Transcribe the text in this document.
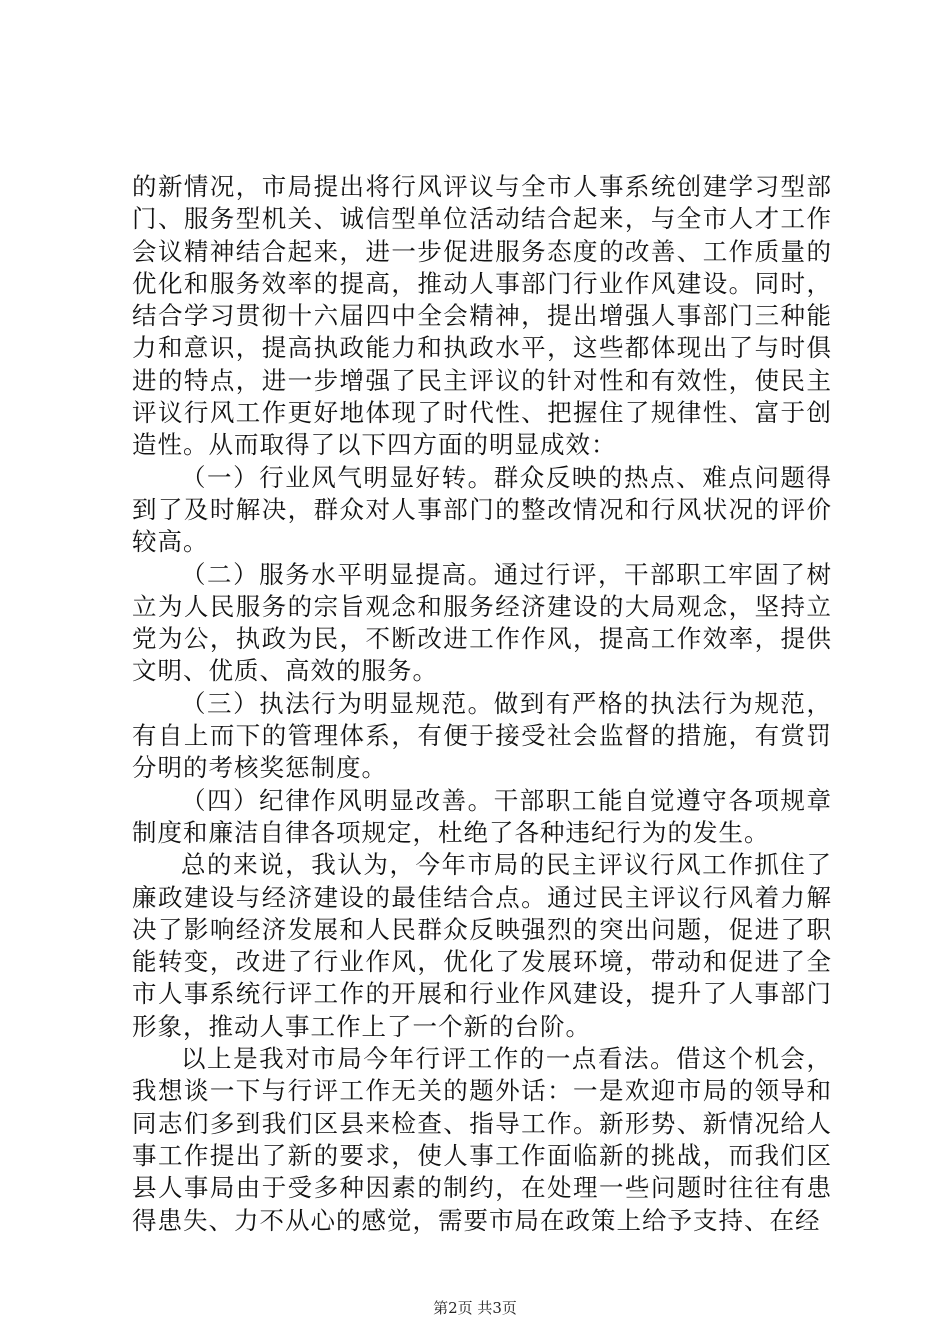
的新情况，市局提出将行风评议与全市人事系统创建学习型部门、服务型机关、诚信型单位活动结合起来，与全市人才工作会议精神结合起来，进一步促进服务态度的改善、工作质量的优化和服务效率的提高，推动人事部门行业作风建设。同时，结合学习贯彻十六届四中全会精神，提出增强人事部门三种能力和意识，提高执政能力和执政水平，这些都体现出了与时俱进的特点，进一步增强了民主评议的针对性和有效性，使民主评议行风工作更好地体现了时代性、把握住了规律性、富于创造性。从而取得了以下四方面的明显成效：

（一）行业风气明显好转。群众反映的热点、难点问题得到了及时解决，群众对人事部门的整改情况和行风状况的评价较高。

（二）服务水平明显提高。通过行评，干部职工牢固了树立为人民服务的宗旨观念和服务经济建设的大局观念，坚持立党为公，执政为民，不断改进工作作风，提高工作效率，提供文明、优质、高效的服务。

（三）执法行为明显规范。做到有严格的执法行为规范，有自上而下的管理体系，有便于接受社会监督的措施，有赏罚分明的考核奖惩制度。

（四）纪律作风明显改善。干部职工能自觉遵守各项规章制度和廉洁自律各项规定，杜绝了各种违纪行为的发生。

总的来说，我认为，今年市局的民主评议行风工作抓住了廉政建设与经济建设的最佳结合点。通过民主评议行风着力解决了影响经济发展和人民群众反映强烈的突出问题，促进了职能转变，改进了行业作风，优化了发展环境，带动和促进了全市人事系统行评工作的开展和行业作风建设，提升了人事部门形象，推动人事工作上了一个新的台阶。

以上是我对市局今年行评工作的一点看法。借这个机会，我想谈一下与行评工作无关的题外话：一是欢迎市局的领导和同志们多到我们区县来检查、指导工作。新形势、新情况给人事工作提出了新的要求，使人事工作面临新的挑战，而我们区县人事局由于受多种因素的制约，在处理一些问题时往往有患得患失、力不从心的感觉，需要市局在政策上给予支持、在经

第2页 共3页
